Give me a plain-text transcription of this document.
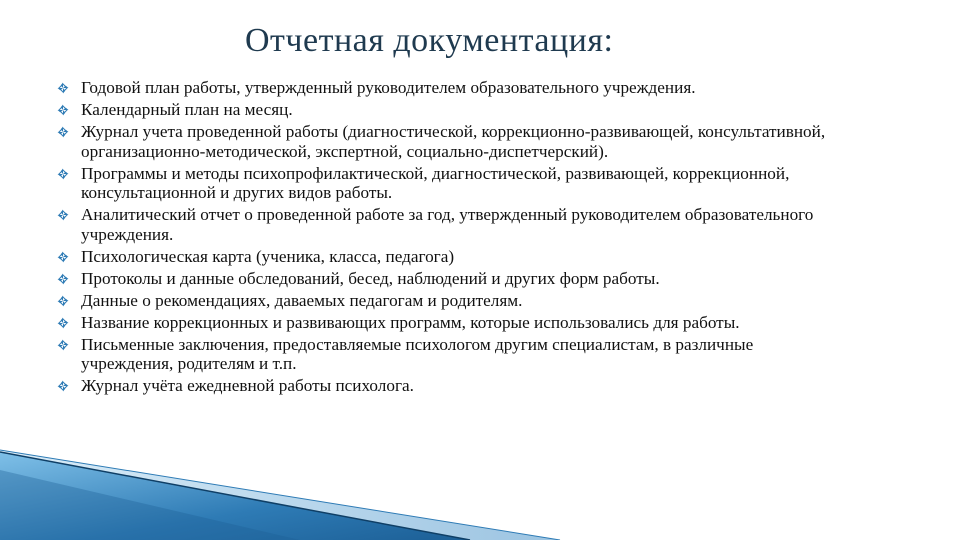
Отчетная документация:
Годовой план работы, утвержденный руководителем образовательного учреждения.
Календарный план на месяц.
Журнал учета проведенной работы (диагностической, коррекционно-развивающей, консультативной, организационно-методической, экспертной, социально-диспетчерский).
Программы и методы психопрофилактической, диагностической, развивающей, коррекционной, консультационной и других видов работы.
Аналитический отчет о проведенной работе за год, утвержденный руководителем образовательного учреждения.
Психологическая карта (ученика, класса, педагога)
Протоколы и данные обследований, бесед, наблюдений и других форм работы.
Данные о рекомендациях, даваемых педагогам и родителям.
Название коррекционных и развивающих программ, которые использовались для работы.
Письменные заключения, предоставляемые психологом другим специалистам, в различные учреждения, родителям и т.п.
Журнал учёта ежедневной работы психолога.
